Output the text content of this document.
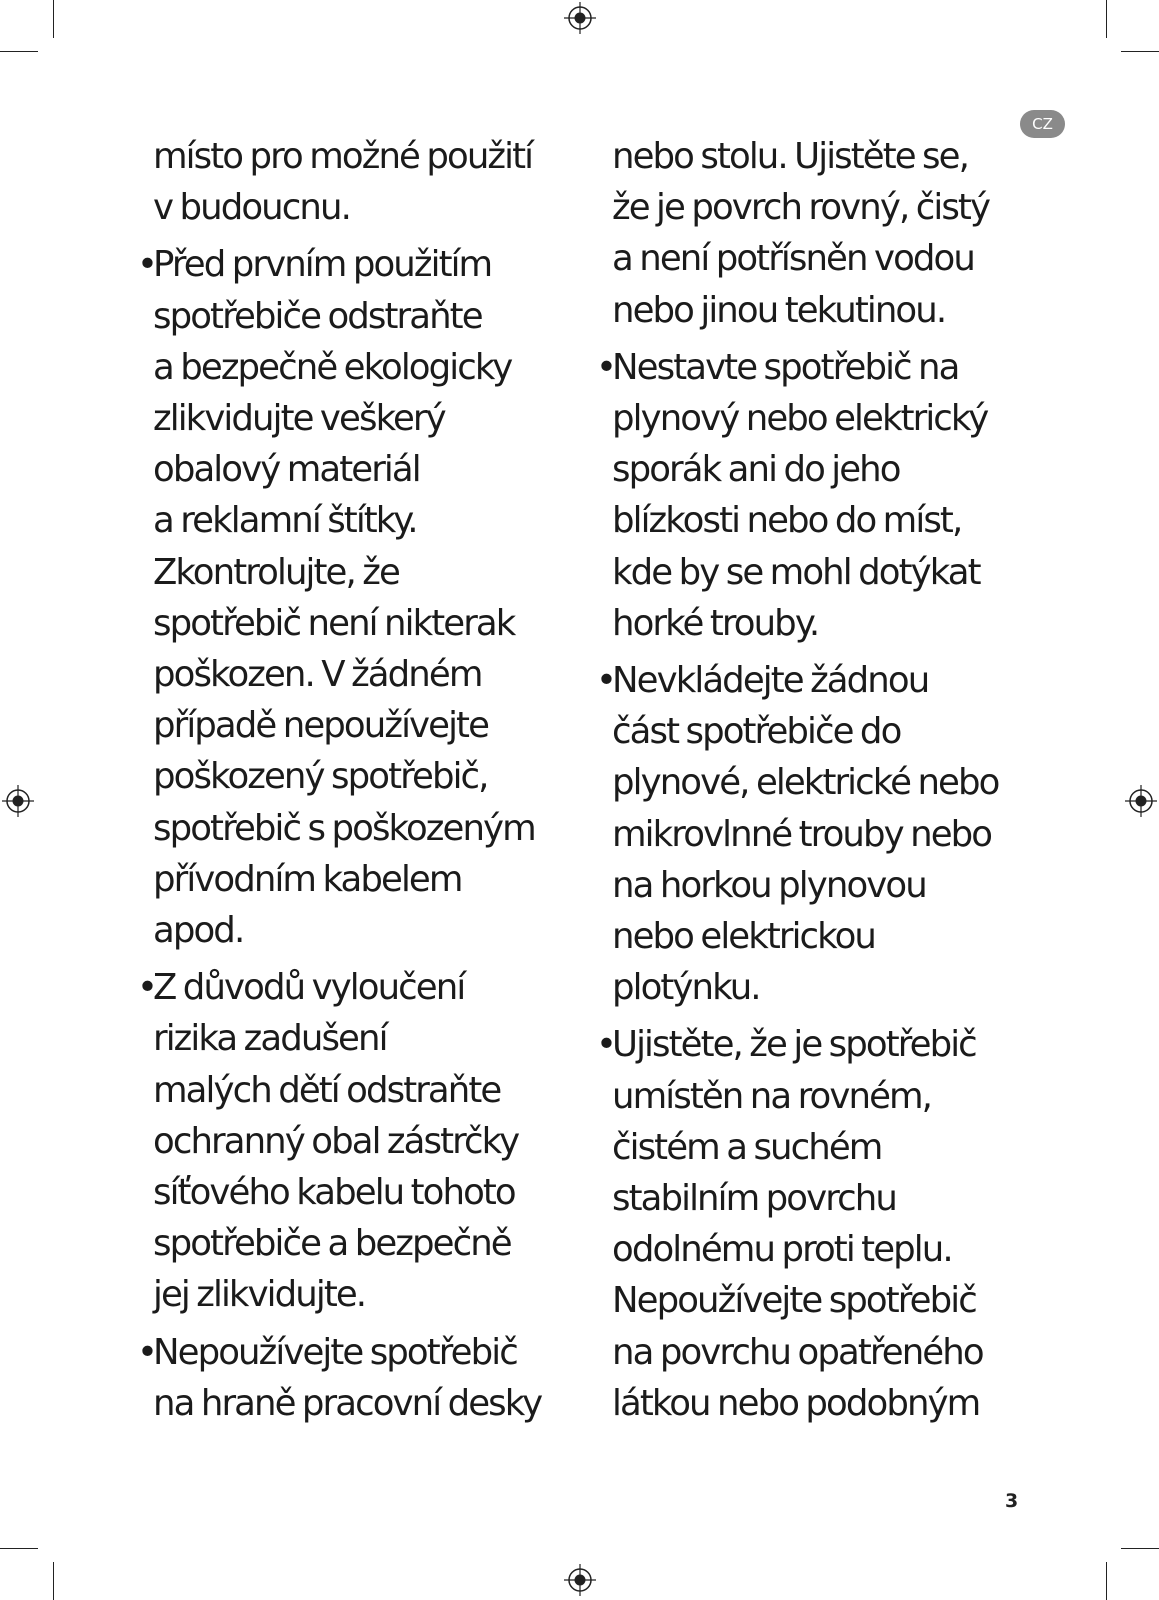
CZ
místo pro možné použití
v budoucnu.
•
Před prvním použitím
spotřebiče odstraňte
a bezpečně ekologicky
zlikvidujte veškerý
obalový materiál
a reklamní štítky.
Zkontrolujte, že
spotřebič není nikterak
poškozen. V žádném
případě nepoužívejte
poškozený spotřebič,
spotřebič s poškozeným
přívodním kabelem
apod.
•
Z důvodů vyloučení
rizika zadušení
malých dětí odstraňte
ochranný obal zástrčky
síťového kabelu tohoto
spotřebiče a bezpečně
jej zlikvidujte.
•
Nepoužívejte spotřebič
na hraně pracovní desky
nebo stolu. Ujistěte se,
že je povrch rovný, čistý
a není potřísněn vodou
nebo jinou tekutinou.
•
Nestavte spotřebič na
plynový nebo elektrický
sporák ani do jeho
blízkosti nebo do míst,
kde by se mohl dotýkat
horké trouby.
•
Nevkládejte žádnou
část spotřebiče do
plynové, elektrické nebo
mikrovlnné trouby nebo
na horkou plynovou
nebo elektrickou
plotýnku.
•
Ujistěte, že je spotřebič
umístěn na rovném,
čistém a suchém
stabilním povrchu
odolnému proti teplu.
Nepoužívejte spotřebič
na povrchu opatřeného
látkou nebo podobným
3
